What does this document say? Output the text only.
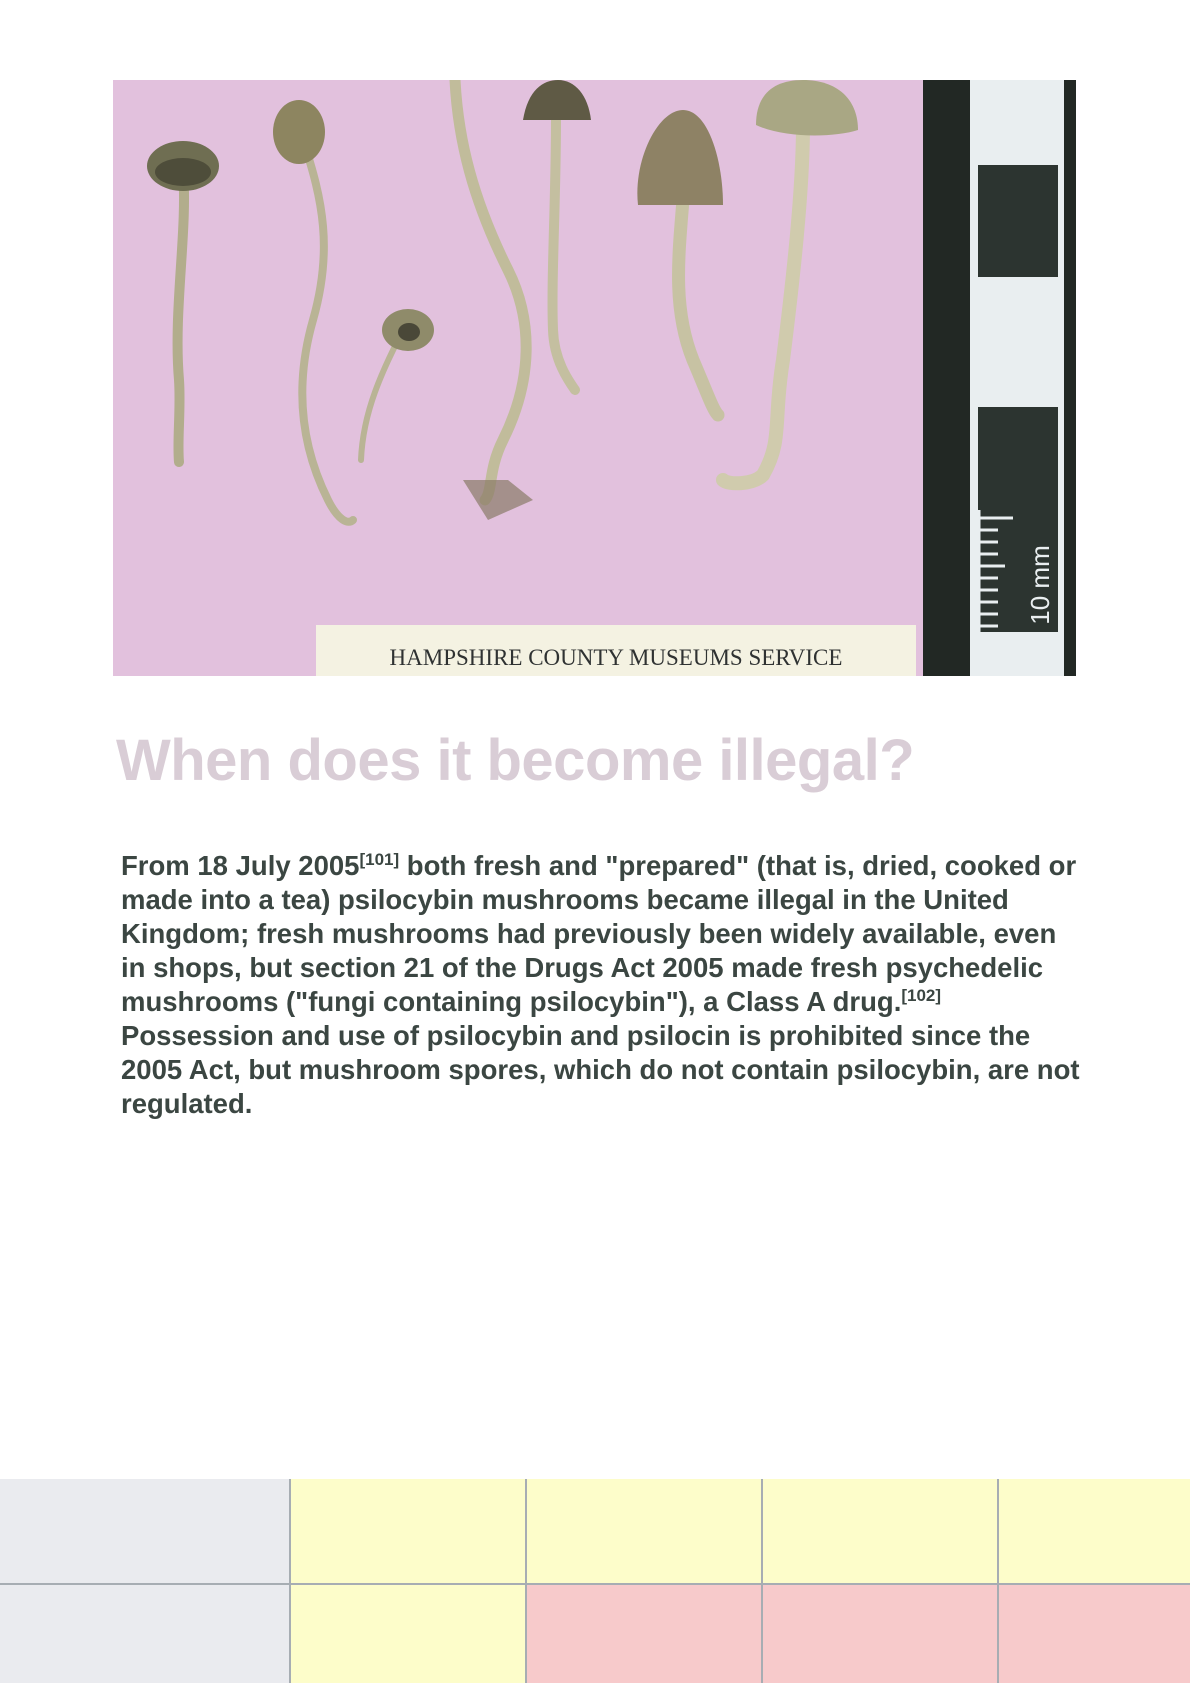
HAMPSHIRE COUNTY MUSEUMS SERVICE
10 mm
When does it become illegal?

From 18 July 2005[101] both fresh and "prepared" (that is, dried, cooked or made into a tea) psilocybin mushrooms became illegal in the United Kingdom; fresh mushrooms had previously been widely available, even in shops, but section 21 of the Drugs Act 2005 made fresh psychedelic mushrooms ("fungi containing psilocybin"), a Class A drug.[102] Possession and use of psilocybin and psilocin is prohibited since the 2005 Act, but mushroom spores, which do not contain psilocybin, are not regulated.
